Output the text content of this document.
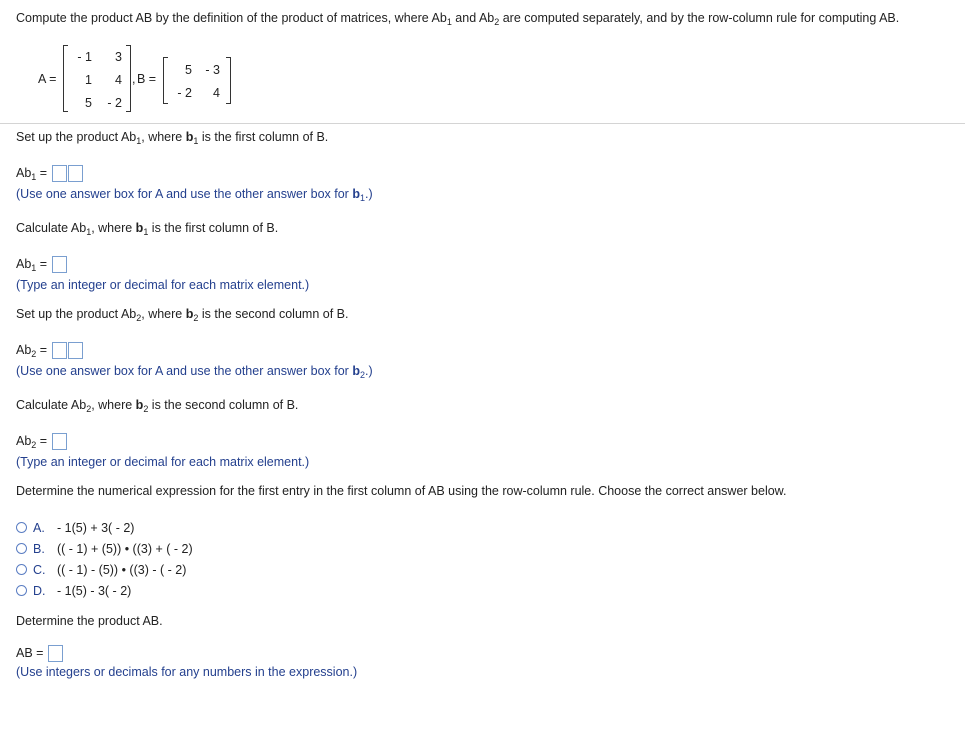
Compute the product AB by the definition of the product of matrices, where $Ab_1$ and $Ab_2$ are computed separately, and by the row-column rule for computing AB.
A =
- 1	3
1	4
5	- 2
, B =
5	- 3
- 2	4
Set up the product $Ab_1$, where $b_1$ is the first column of B.
$Ab_1$ =
(Use one answer box for A and use the other answer box for $b_1$.)
Calculate $Ab_1$, where $b_1$ is the first column of B.
$Ab_1$ =
(Type an integer or decimal for each matrix element.)
Set up the product $Ab_2$, where $b_2$ is the second column of B.
$Ab_2$ =
(Use one answer box for A and use the other answer box for $b_2$.)
Calculate $Ab_2$, where $b_2$ is the second column of B.
$Ab_2$ =
(Type an integer or decimal for each matrix element.)
Determine the numerical expression for the first entry in the first column of AB using the row-column rule. Choose the correct answer below.
A. - 1(5) + 3( - 2)
B. (( - 1) + (5)) • ((3) + ( - 2)
C. (( - 1) - (5)) • ((3) - ( - 2)
D. - 1(5) - 3( - 2)
Determine the product AB.
AB =
(Use integers or decimals for any numbers in the expression.)
